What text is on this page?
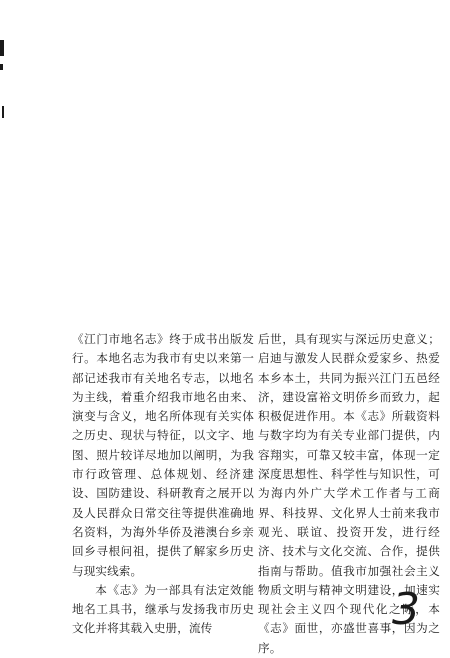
《江门市地名志》终于成书出版发行。本地名志为我市有史以来第一部记述我市有关地名专志，以地名为主线，着重介绍我市地名由来、演变与含义，地名所体现有关实体之历史、现状与特征，以文字、地图、照片较详尽地加以阐明，为我市行政管理、总体规划、经济建设、国防建设、科研教育之展开以及人民群众日常交往等提供准确地名资料，为海外华侨及港澳台乡亲回乡寻根问祖，提供了解家乡历史与现实线索。

本《志》为一部具有法定效能地名工具书，继承与发扬我市历史文化并将其载入史册，流传

后世，具有现实与深远历史意义；启迪与激发人民群众爱家乡、热爱本乡本土，共同为振兴江门五邑经济，建设富裕文明侨乡而致力，起积极促进作用。本《志》所载资料与数字均为有关专业部门提供，内容翔实，可靠又较丰富，体现一定深度思想性、科学性与知识性，可为海内外广大学术工作者与工商界、科技界、文化界人士前来我市观光、联谊、投资开发，进行经济、技术与文化交流、合作，提供指南与帮助。值我市加强社会主义物质文明与精神文明建设，加速实现社会主义四个现代化之际，本《志》面世，亦盛世喜事，因为之序。

3
